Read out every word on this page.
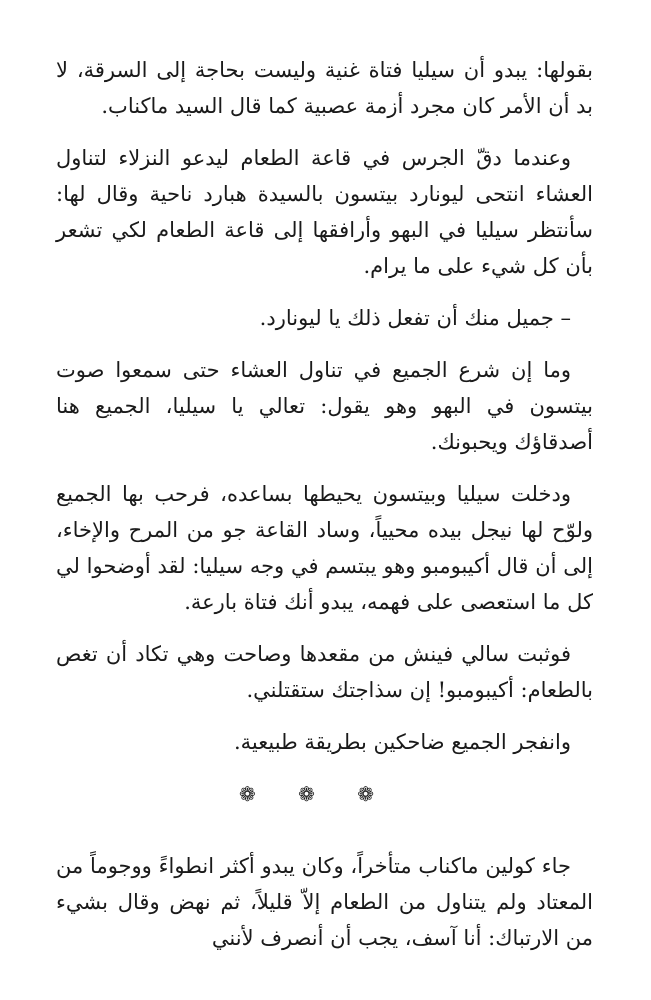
بقولها: يبدو أن سيليا فتاة غنية وليست بحاجة إلى السرقة، لا بد أن الأمر كان مجرد أزمة عصبية كما قال السيد ماكناب.

وعندما دقّ الجرس في قاعة الطعام ليدعو النزلاء لتناول العشاء انتحى ليونارد بيتسون بالسيدة هبارد ناحية وقال لها: سأنتظر سيليا في البهو وأرافقها إلى قاعة الطعام لكي تشعر بأن كل شيء على ما يرام.

– جميل منك أن تفعل ذلك يا ليونارد.

وما إن شرع الجميع في تناول العشاء حتى سمعوا صوت بيتسون في البهو وهو يقول: تعالي يا سيليا، الجميع هنا أصدقاؤك ويحبونك.

ودخلت سيليا وبيتسون يحيطها بساعده، فرحب بها الجميع ولوّح لها نيجل بيده محيياً، وساد القاعة جو من المرح والإخاء، إلى أن قال أكيبومبو وهو يبتسم في وجه سيليا: لقد أوضحوا لي كل ما استعصى على فهمه، يبدو أنك فتاة بارعة.

فوثبت سالي فينش من مقعدها وصاحت وهي تكاد أن تغص بالطعام: أكيبومبو! إن سذاجتك ستقتلني.

وانفجر الجميع ضاحكين بطريقة طبيعية.

❁ ❁ ❁

جاء كولين ماكناب متأخراً، وكان يبدو أكثر انطواءً ووجوماً من المعتاد ولم يتناول من الطعام إلاّ قليلاً، ثم نهض وقال بشيء من الارتباك: أنا آسف، يجب أن أنصرف لأنني
